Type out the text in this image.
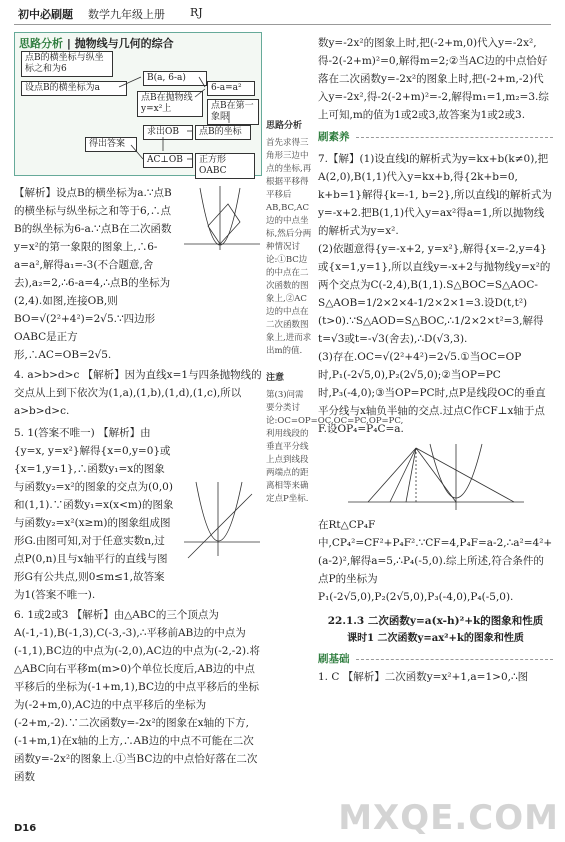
初中必刷题 数学九年级上册 RJ
思路分析 | 抛物线与几何的综合
点B的横坐标与纵坐标之和为6
设点B的横坐标为a
B(a, 6-a)
点B在抛物线y=x²上
6-a=a²
点B在第一象限
求出OB	点B的坐标
得出答案
AC⊥OB	正方形OABC

【解析】设点B的横坐标为a.∵点B的横坐标与纵坐标之和等于6,∴点B的纵坐标为6-a.∵点B在二次函数y=x²的第一象限的图象上,∴6-a=a²,解得a₁=-3(不合题意,舍去),a₂=2,∴6-a=4,∴点B的坐标为(2,4).如图,连接OB,则BO=√(2²+4²)=2√5.∵四边形OABC是正方形,∴AC=OB=2√5.

4. a>b>d>c 【解析】因为直线x=1与四条抛物线的交点从上到下依次为(1,a),(1,b),(1,d),(1,c),所以a>b>d>c.

5. 1(答案不唯一) 【解析】由{y=x, y=x²}解得{x=0,y=0}或{x=1,y=1},∴函数y₁=x的图象与函数y₂=x²的图象的交点为(0,0)和(1,1).∵函数y₁=x(x<m)的图象与函数y₂=x²(x≥m)的图象组成图形G.由图可知,对于任意实数n,过点P(0,n)且与x轴平行的直线与图形G有公共点,则0≤m≤1,故答案为1(答案不唯一).

6. 1或2或3 【解析】由△ABC的三个顶点为A(-1,-1),B(-1,3),C(-3,-3),∴平移前AB边的中点为(-1,1),BC边的中点为(-2,0),AC边的中点为(-2,-2).将△ABC向右平移m(m>0)个单位长度后,AB边的中点平移后的坐标为(-1+m,1),BC边的中点平移后的坐标为(-2+m,0),AC边的中点平移后的坐标为(-2+m,-2).∵二次函数y=-2x²的图象在x轴的下方,(-1+m,1)在x轴的上方,∴AB边的中点不可能在二次函数y=-2x²的图象上.①当BC边的中点恰好落在二次函数

思路分析
首先求得三角形三边中点的坐标,再根据平移得平移后AB,BC,AC边的中点坐标,然后分两种情况讨论:①BC边的中点在二次函数的图象上,②AC边的中点在二次函数图象上,进而求出m的值.
注意
第(3)问需要分类讨论:OC=OP=OC,OC=PC,OP=PC,利用线段的垂直平分线上点到线段两端点的距离相等来确定点P坐标.

数y=-2x²的图象上时,把(-2+m,0)代入y=-2x²,得-2(-2+m)²=0,解得m=2;②当AC边的中点恰好落在二次函数y=-2x²的图象上时,把(-2+m,-2)代入y=-2x²,得-2(-2+m)²=-2,解得m₁=1,m₂=3.综上可知,m的值为1或2或3,故答案为1或2或3.

刷素养

7.【解】(1)设直线l的解析式为y=kx+b(k≠0),把A(2,0),B(1,1)代入y=kx+b,得{2k+b=0, k+b=1}解得{k=-1, b=2},所以直线l的解析式为y=-x+2.把B(1,1)代入y=ax²得a=1,所以抛物线的解析式为y=x².

(2)依题意得{y=-x+2, y=x²},解得{x=-2,y=4}或{x=1,y=1},所以直线y=-x+2与抛物线y=x²的两个交点为C(-2,4),B(1,1).S△BOC=S△AOC-S△AOB=1/2×2×4-1/2×2×1=3.设D(t,t²)(t>0).∵S△AOD=S△BOC,∴1/2×2×t²=3,解得t=√3或t=-√3(舍去),∴D(√3,3).

(3)存在.OC=√(2²+4²)=2√5.①当OC=OP时,P₁(-2√5,0),P₂(2√5,0);②当OP=PC时,P₃(-4,0);③当OP=PC时,点P是线段OC的垂直平分线与x轴负半轴的交点.过点C作CF⊥x轴于点F.设OP₄=P₄C=a.

在Rt△CP₄F中,CP₄²=CF²+P₄F².∵CF=4,P₄F=a-2,∴a²=4²+(a-2)²,解得a=5,∴P₄(-5,0).综上所述,符合条件的点P的坐标为P₁(-2√5,0),P₂(2√5,0),P₃(-4,0),P₄(-5,0).

22.1.3 二次函数y=a(x-h)²+k的图象和性质
课时1 二次函数y=ax²+k的图象和性质
刷基础

1. C 【解析】二次函数y=x²+1,a=1>0,∴图

D16	MXQE.COM
